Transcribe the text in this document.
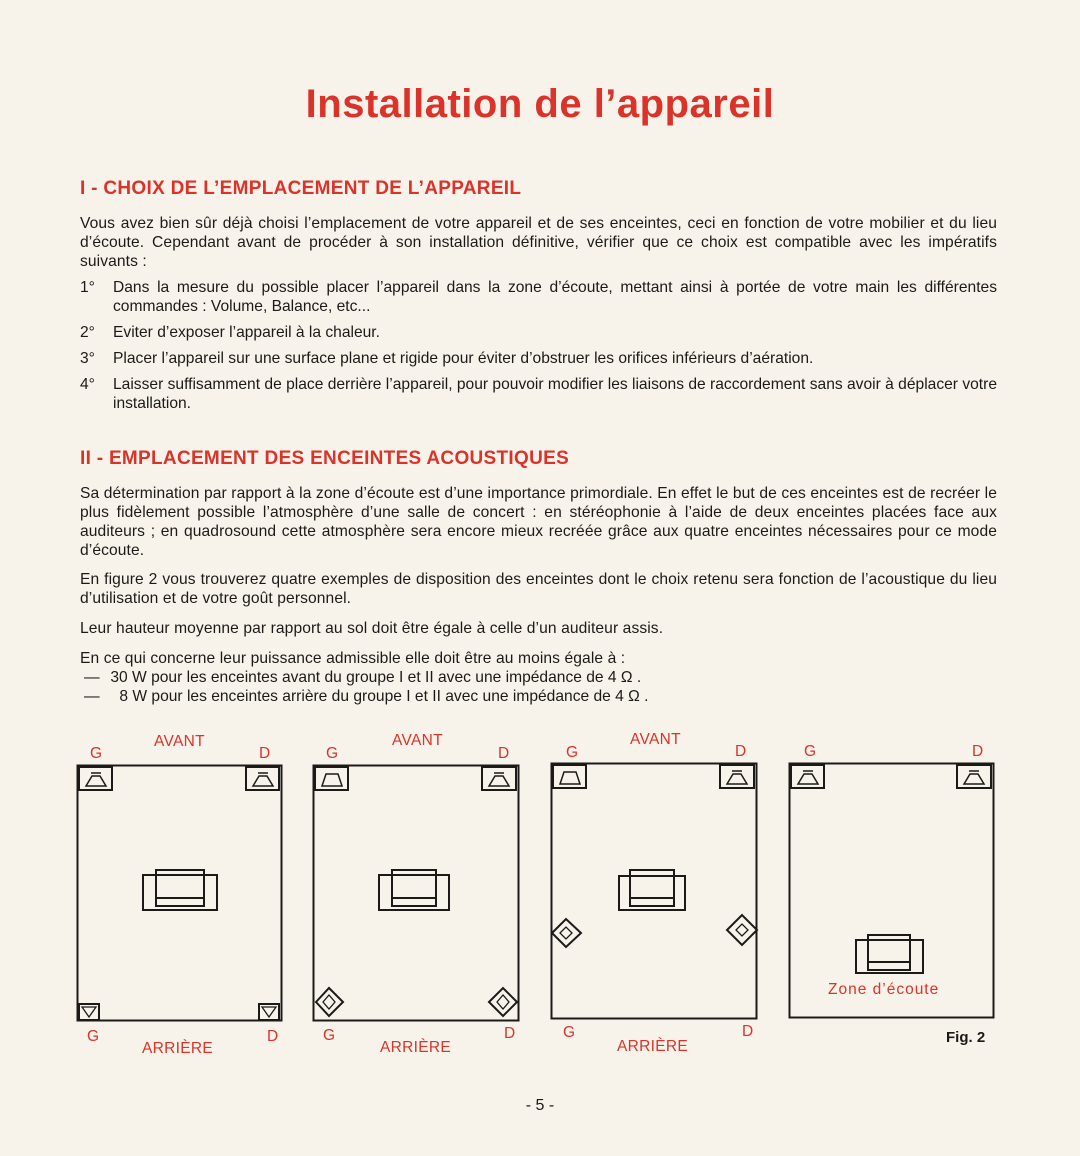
Installation de l’appareil
I - CHOIX DE L’EMPLACEMENT DE L’APPAREIL
Vous avez bien sûr déjà choisi l’emplacement de votre appareil et de ses enceintes, ceci en fonction de votre mobilier et du lieu d’écoute. Cependant avant de procéder à son installation définitive, vérifier que ce choix est compatible avec les impératifs suivants :
1°	Dans la mesure du possible placer l’appareil dans la zone d’écoute, mettant ainsi à portée de votre main les différentes commandes : Volume, Balance, etc...
2°	Eviter d’exposer l’appareil à la chaleur.
3°	Placer l’appareil sur une surface plane et rigide pour éviter d’obstruer les orifices inférieurs d’aération.
4°	Laisser suffisamment de place derrière l’appareil, pour pouvoir modifier les liaisons de raccordement sans avoir à déplacer votre installation.
II - EMPLACEMENT DES ENCEINTES ACOUSTIQUES
Sa détermination par rapport à la zone d’écoute est d’une importance primordiale. En effet le but de ces enceintes est de recréer le plus fidèlement possible l’atmosphère d’une salle de concert : en stéréophonie à l’aide de deux enceintes placées face aux auditeurs ; en quadrosound cette atmosphère sera encore mieux recréée grâce aux quatre enceintes nécessaires pour ce mode d’écoute.
En figure 2 vous trouverez quatre exemples de disposition des enceintes dont le choix retenu sera fonction de l’acoustique du lieu d’utilisation et de votre goût personnel.
Leur hauteur moyenne par rapport au sol doit être égale à celle d’un auditeur assis.
En ce qui concerne leur puissance admissible elle doit être au moins égale à :
— 30 W pour les enceintes avant du groupe I et II avec une impédance de 4 Ω .
— 8 W pour les enceintes arrière du groupe I et II avec une impédance de 4 Ω .
AVANT
G	D
G	D
ARRIÈRE
AVANT
G	D
G	D
ARRIÈRE
AVANT
G	D
G	D
ARRIÈRE
G	D
Zone d’écoute
Fig. 2
- 5 -
